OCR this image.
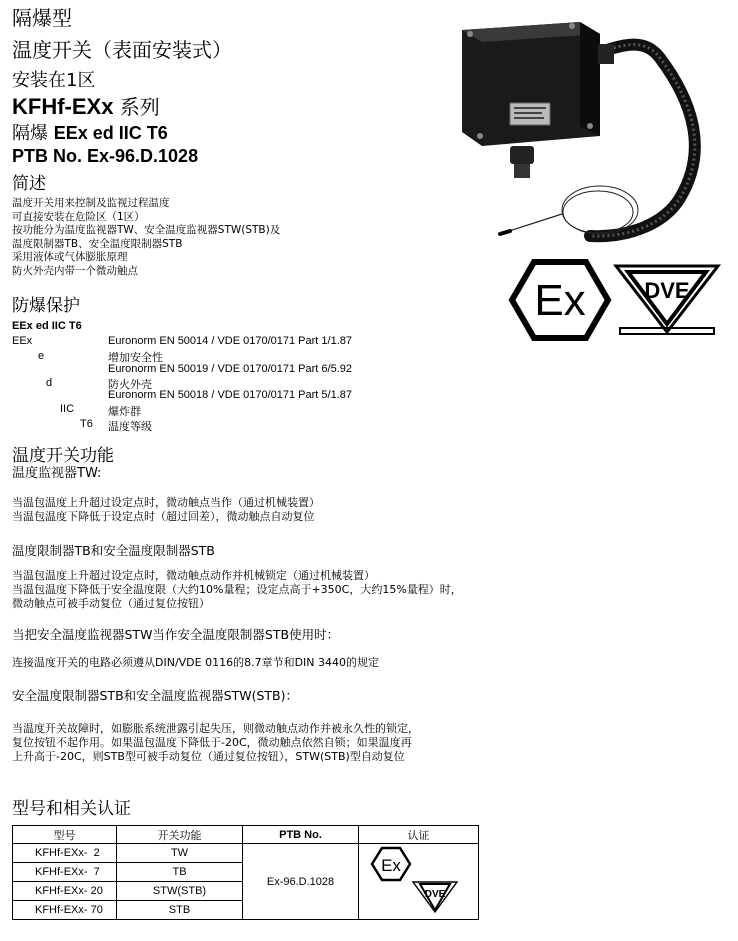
隔爆型
温度开关（表面安装式）
安装在1区
KFHf-EXx 系列
隔爆 EEx ed IIC T6
PTB No. Ex-96.D.1028
简述
温度开关用来控制及监视过程温度
可直接安装在危险区（1区）
按功能分为温度监视器TW、安全温度监视器STW(STB)及
温度限制器TB、安全温度限制器STB
采用液体或气体膨胀原理
防火外壳内带一个微动触点
防爆保护
EEx ed IIC T6
EEx	Euronorm EN 50014 / VDE 0170/0171 Part 1/1.87
e	增加安全性
Euronorm EN 50019 / VDE 0170/0171 Part 6/5.92
d	防火外壳
Euronorm EN 50018 / VDE 0170/0171 Part 5/1.87
IIC	爆炸群
T6 温度等级
温度开关功能
温度监视器TW:
当温包温度上升超过设定点时，微动触点当作（通过机械装置）
当温包温度下降低于设定点时（超过回差），微动触点自动复位
温度限制器TB和安全温度限制器STB
当温包温度上升超过设定点时，微动触点动作并机械锁定（通过机械装置）
当温包温度下降低于安全温度限（大约10%量程；设定点高于+350C，大约15%量程）时，
微动触点可被手动复位（通过复位按钮）
当把安全温度监视器STW当作安全温度限制器STB使用时：
连接温度开关的电路必须遵从DIN/VDE 0116的8.7章节和DIN 3440的规定
安全温度限制器STB和安全温度监视器STW(STB)：
当温度开关故障时，如膨胀系统泄露引起失压，则微动触点动作并被永久性的锁定，
复位按钮不起作用。如果温包温度下降低于-20C，微动触点依然自锁；如果温度再
上升高于-20C，则STB型可被手动复位（通过复位按钮），STW(STB)型自动复位
型号和相关认证
型号	开关功能	PTB No.	认证
KFHf-EXx-  2	TW	Ex-96.D.1028	Ex
DVE

KFHf-EXx-  7	TB		
KFHf-EXx- 20	STW(STB)		
KFHf-EXx- 70	STB		
Ex	DVE
